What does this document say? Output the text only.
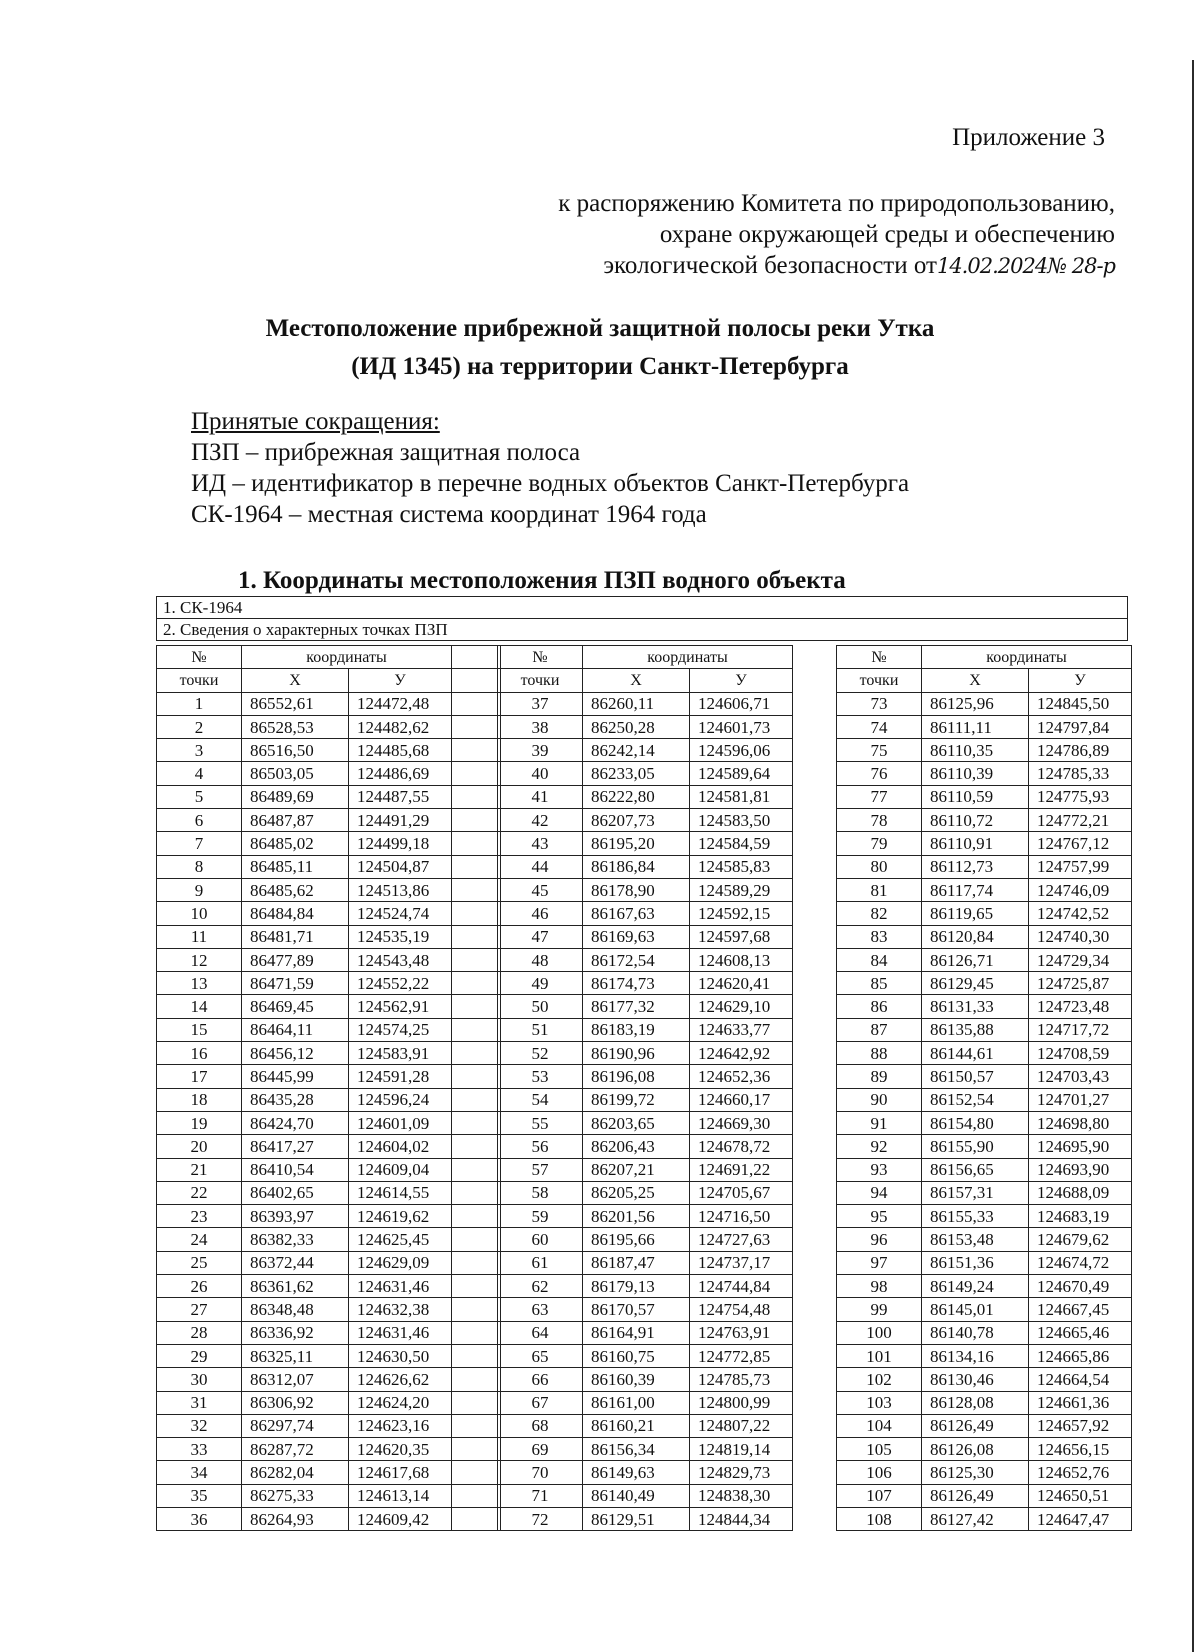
Приложение 3
к распоряжению Комитета по природопользованию,
охране окружающей среды и обеспечению
экологической безопасности от14.02.2024№ 28-р
Местоположение прибрежной защитной полосы реки Утка
(ИД 1345) на территории Санкт-Петербурга
Принятые сокращения:
ПЗП – прибрежная защитная полоса
ИД – идентификатор в перечне водных объектов Санкт-Петербурга
СК-1964 – местная система координат 1964 года
1. Координаты местоположения ПЗП водного объекта
1. СК-1964
2. Сведения о характерных точках ПЗП
№	координаты		
точки	Х	У	
1	86552,61	124472,48	
2	86528,53	124482,62	
3	86516,50	124485,68	
4	86503,05	124486,69	
5	86489,69	124487,55	
6	86487,87	124491,29	
7	86485,02	124499,18	
8	86485,11	124504,87	
9	86485,62	124513,86	
10	86484,84	124524,74	
11	86481,71	124535,19	
12	86477,89	124543,48	
13	86471,59	124552,22	
14	86469,45	124562,91	
15	86464,11	124574,25	
16	86456,12	124583,91	
17	86445,99	124591,28	
18	86435,28	124596,24	
19	86424,70	124601,09	
20	86417,27	124604,02	
21	86410,54	124609,04	
22	86402,65	124614,55	
23	86393,97	124619,62	
24	86382,33	124625,45	
25	86372,44	124629,09	
26	86361,62	124631,46	
27	86348,48	124632,38	
28	86336,92	124631,46	
29	86325,11	124630,50	
30	86312,07	124626,62	
31	86306,92	124624,20	
32	86297,74	124623,16	
33	86287,72	124620,35	
34	86282,04	124617,68	
35	86275,33	124613,14	
36	86264,93	124609,42	
№	координаты
точки	Х	У
37	86260,11	124606,71
38	86250,28	124601,73
39	86242,14	124596,06
40	86233,05	124589,64
41	86222,80	124581,81
42	86207,73	124583,50
43	86195,20	124584,59
44	86186,84	124585,83
45	86178,90	124589,29
46	86167,63	124592,15
47	86169,63	124597,68
48	86172,54	124608,13
49	86174,73	124620,41
50	86177,32	124629,10
51	86183,19	124633,77
52	86190,96	124642,92
53	86196,08	124652,36
54	86199,72	124660,17
55	86203,65	124669,30
56	86206,43	124678,72
57	86207,21	124691,22
58	86205,25	124705,67
59	86201,56	124716,50
60	86195,66	124727,63
61	86187,47	124737,17
62	86179,13	124744,84
63	86170,57	124754,48
64	86164,91	124763,91
65	86160,75	124772,85
66	86160,39	124785,73
67	86161,00	124800,99
68	86160,21	124807,22
69	86156,34	124819,14
70	86149,63	124829,73
71	86140,49	124838,30
72	86129,51	124844,34
№	координаты
точки	Х	У
73	86125,96	124845,50
74	86111,11	124797,84
75	86110,35	124786,89
76	86110,39	124785,33
77	86110,59	124775,93
78	86110,72	124772,21
79	86110,91	124767,12
80	86112,73	124757,99
81	86117,74	124746,09
82	86119,65	124742,52
83	86120,84	124740,30
84	86126,71	124729,34
85	86129,45	124725,87
86	86131,33	124723,48
87	86135,88	124717,72
88	86144,61	124708,59
89	86150,57	124703,43
90	86152,54	124701,27
91	86154,80	124698,80
92	86155,90	124695,90
93	86156,65	124693,90
94	86157,31	124688,09
95	86155,33	124683,19
96	86153,48	124679,62
97	86151,36	124674,72
98	86149,24	124670,49
99	86145,01	124667,45
100	86140,78	124665,46
101	86134,16	124665,86
102	86130,46	124664,54
103	86128,08	124661,36
104	86126,49	124657,92
105	86126,08	124656,15
106	86125,30	124652,76
107	86126,49	124650,51
108	86127,42	124647,47
